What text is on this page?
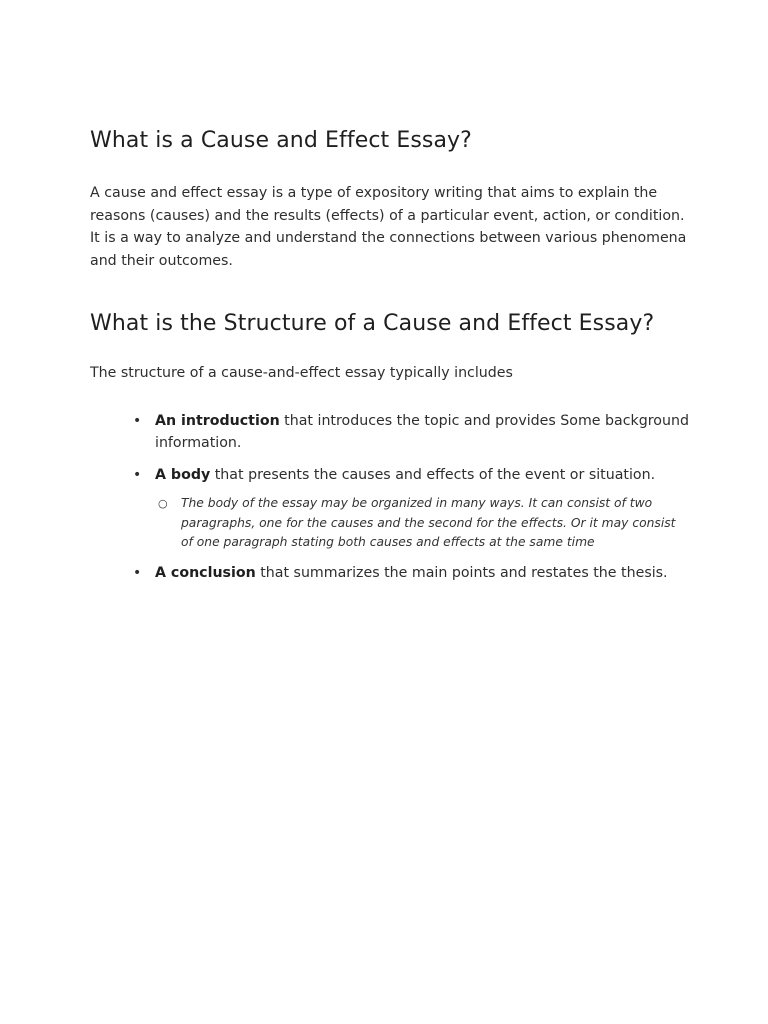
What is a Cause and Effect Essay?

A cause and effect essay is a type of expository writing that aims to explain the reasons (causes) and the results (effects) of a particular event, action, or condition. It is a way to analyze and understand the connections between various phenomena and their outcomes.

What is the Structure of a Cause and Effect Essay?

The structure of a cause-and-effect essay typically includes

• An introduction that introduces the topic and provides Some background information.
• A body that presents the causes and effects of the event or situation.
○ The body of the essay may be organized in many ways. It can consist of two paragraphs, one for the causes and the second for the effects. Or it may consist of one paragraph stating both causes and effects at the same time
• A conclusion that summarizes the main points and restates the thesis.
